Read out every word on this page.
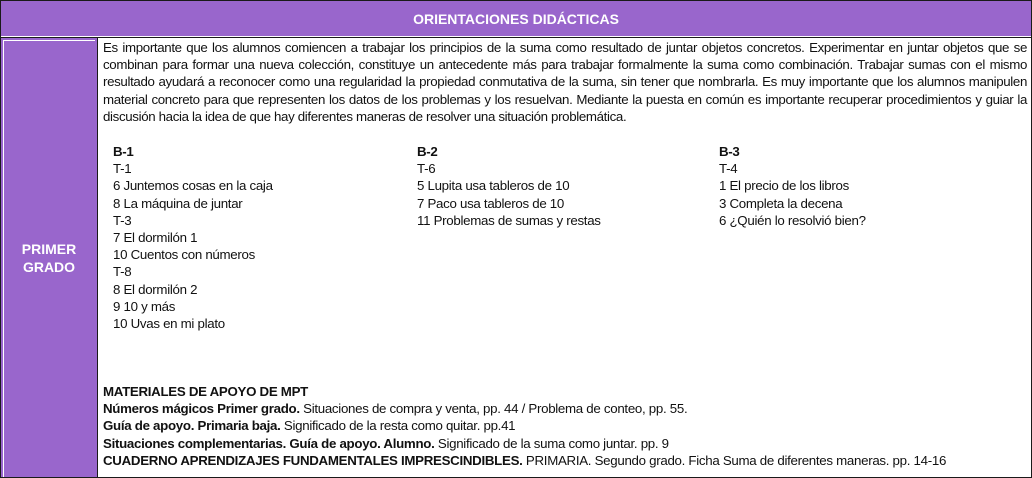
ORIENTACIONES DIDÁCTICAS
PRIMER
GRADO

Es importante que los alumnos comiencen a trabajar los principios de la suma como resultado de juntar objetos concretos. Experimentar en juntar objetos que se combinan para formar una nueva colección, constituye un antecedente más para trabajar formalmente la suma como combinación. Trabajar sumas con el mismo resultado ayudará a reconocer como una regularidad la propiedad conmutativa de la suma, sin tener que nombrarla. Es muy importante que los alumnos manipulen material concreto para que representen los datos de los problemas y los resuelvan. Mediante la puesta en común es importante recuperar procedimientos y guiar la discusión hacia la idea de que hay diferentes maneras de resolver una situación problemática.

B-1
T-1
6 Juntemos cosas en la caja
8 La máquina de juntar
T-3
7 El dormilón 1
10 Cuentos con números
T-8
8 El dormilón 2
9 10 y más
10 Uvas en mi plato
B-2
T-6
5 Lupita usa tableros de 10
7 Paco usa tableros de 10
11 Problemas de sumas y restas
B-3
T-4
1 El precio de los libros
3 Completa la decena
6 ¿Quién lo resolvió bien?
MATERIALES DE APOYO DE MPT
Números mágicos Primer grado. Situaciones de compra y venta, pp. 44 / Problema de conteo, pp. 55.
Guía de apoyo. Primaria baja. Significado de la resta como quitar. pp.41
Situaciones complementarias. Guía de apoyo. Alumno. Significado de la suma como juntar. pp. 9
CUADERNO APRENDIZAJES FUNDAMENTALES IMPRESCINDIBLES. PRIMARIA. Segundo grado. Ficha Suma de diferentes maneras. pp. 14-16
